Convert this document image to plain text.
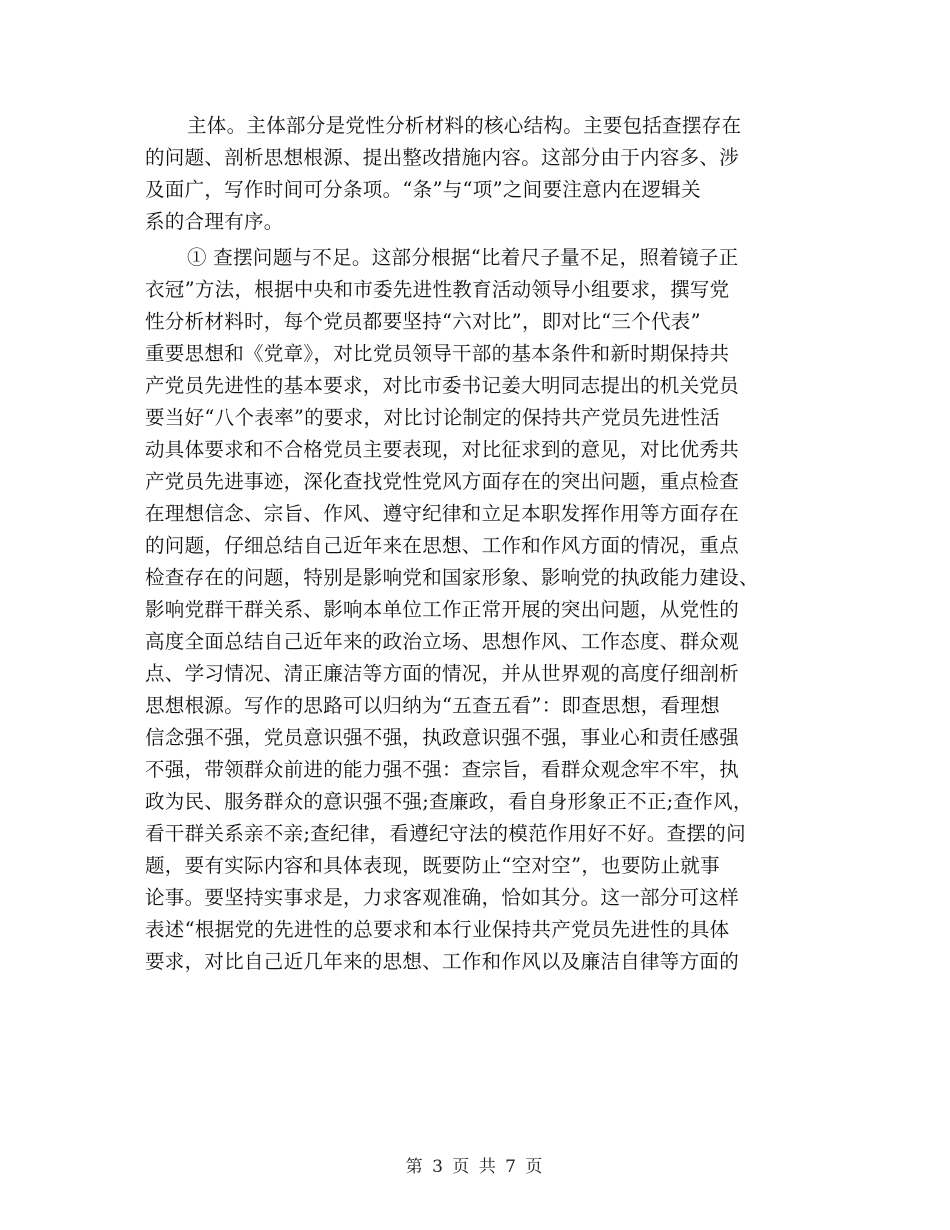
主体。主体部分是党性分析材料的核心结构。主要包括查摆存在
的问题、剖析思想根源、提出整改措施内容。这部分由于内容多、涉
及面广，写作时间可分条项。“条”与“项”之间要注意内在逻辑关
系的合理有序。
① 查摆问题与不足。这部分根据“比着尺子量不足，照着镜子正
衣冠”方法，根据中央和市委先进性教育活动领导小组要求，撰写党
性分析材料时，每个党员都要坚持“六对比”，即对比“三个代表”
重要思想和《党章》，对比党员领导干部的基本条件和新时期保持共
产党员先进性的基本要求，对比市委书记姜大明同志提出的机关党员
要当好“八个表率”的要求，对比讨论制定的保持共产党员先进性活
动具体要求和不合格党员主要表现，对比征求到的意见，对比优秀共
产党员先进事迹，深化查找党性党风方面存在的突出问题，重点检查
在理想信念、宗旨、作风、遵守纪律和立足本职发挥作用等方面存在
的问题，仔细总结自己近年来在思想、工作和作风方面的情况，重点
检查存在的问题，特别是影响党和国家形象、影响党的执政能力建设、
影响党群干群关系、影响本单位工作正常开展的突出问题，从党性的
高度全面总结自己近年来的政治立场、思想作风、工作态度、群众观
点、学习情况、清正廉洁等方面的情况，并从世界观的高度仔细剖析
思想根源。写作的思路可以归纳为“五查五看”：即查思想，看理想
信念强不强，党员意识强不强，执政意识强不强，事业心和责任感强
不强，带领群众前进的能力强不强：查宗旨，看群众观念牢不牢，执
政为民、服务群众的意识强不强;查廉政，看自身形象正不正;查作风，
看干群关系亲不亲;查纪律，看遵纪守法的模范作用好不好。查摆的问
题，要有实际内容和具体表现，既要防止“空对空”，也要防止就事
论事。要坚持实事求是，力求客观准确，恰如其分。这一部分可这样
表述“根据党的先进性的总要求和本行业保持共产党员先进性的具体
要求，对比自己近几年来的思想、工作和作风以及廉洁自律等方面的
第 3 页 共 7 页
